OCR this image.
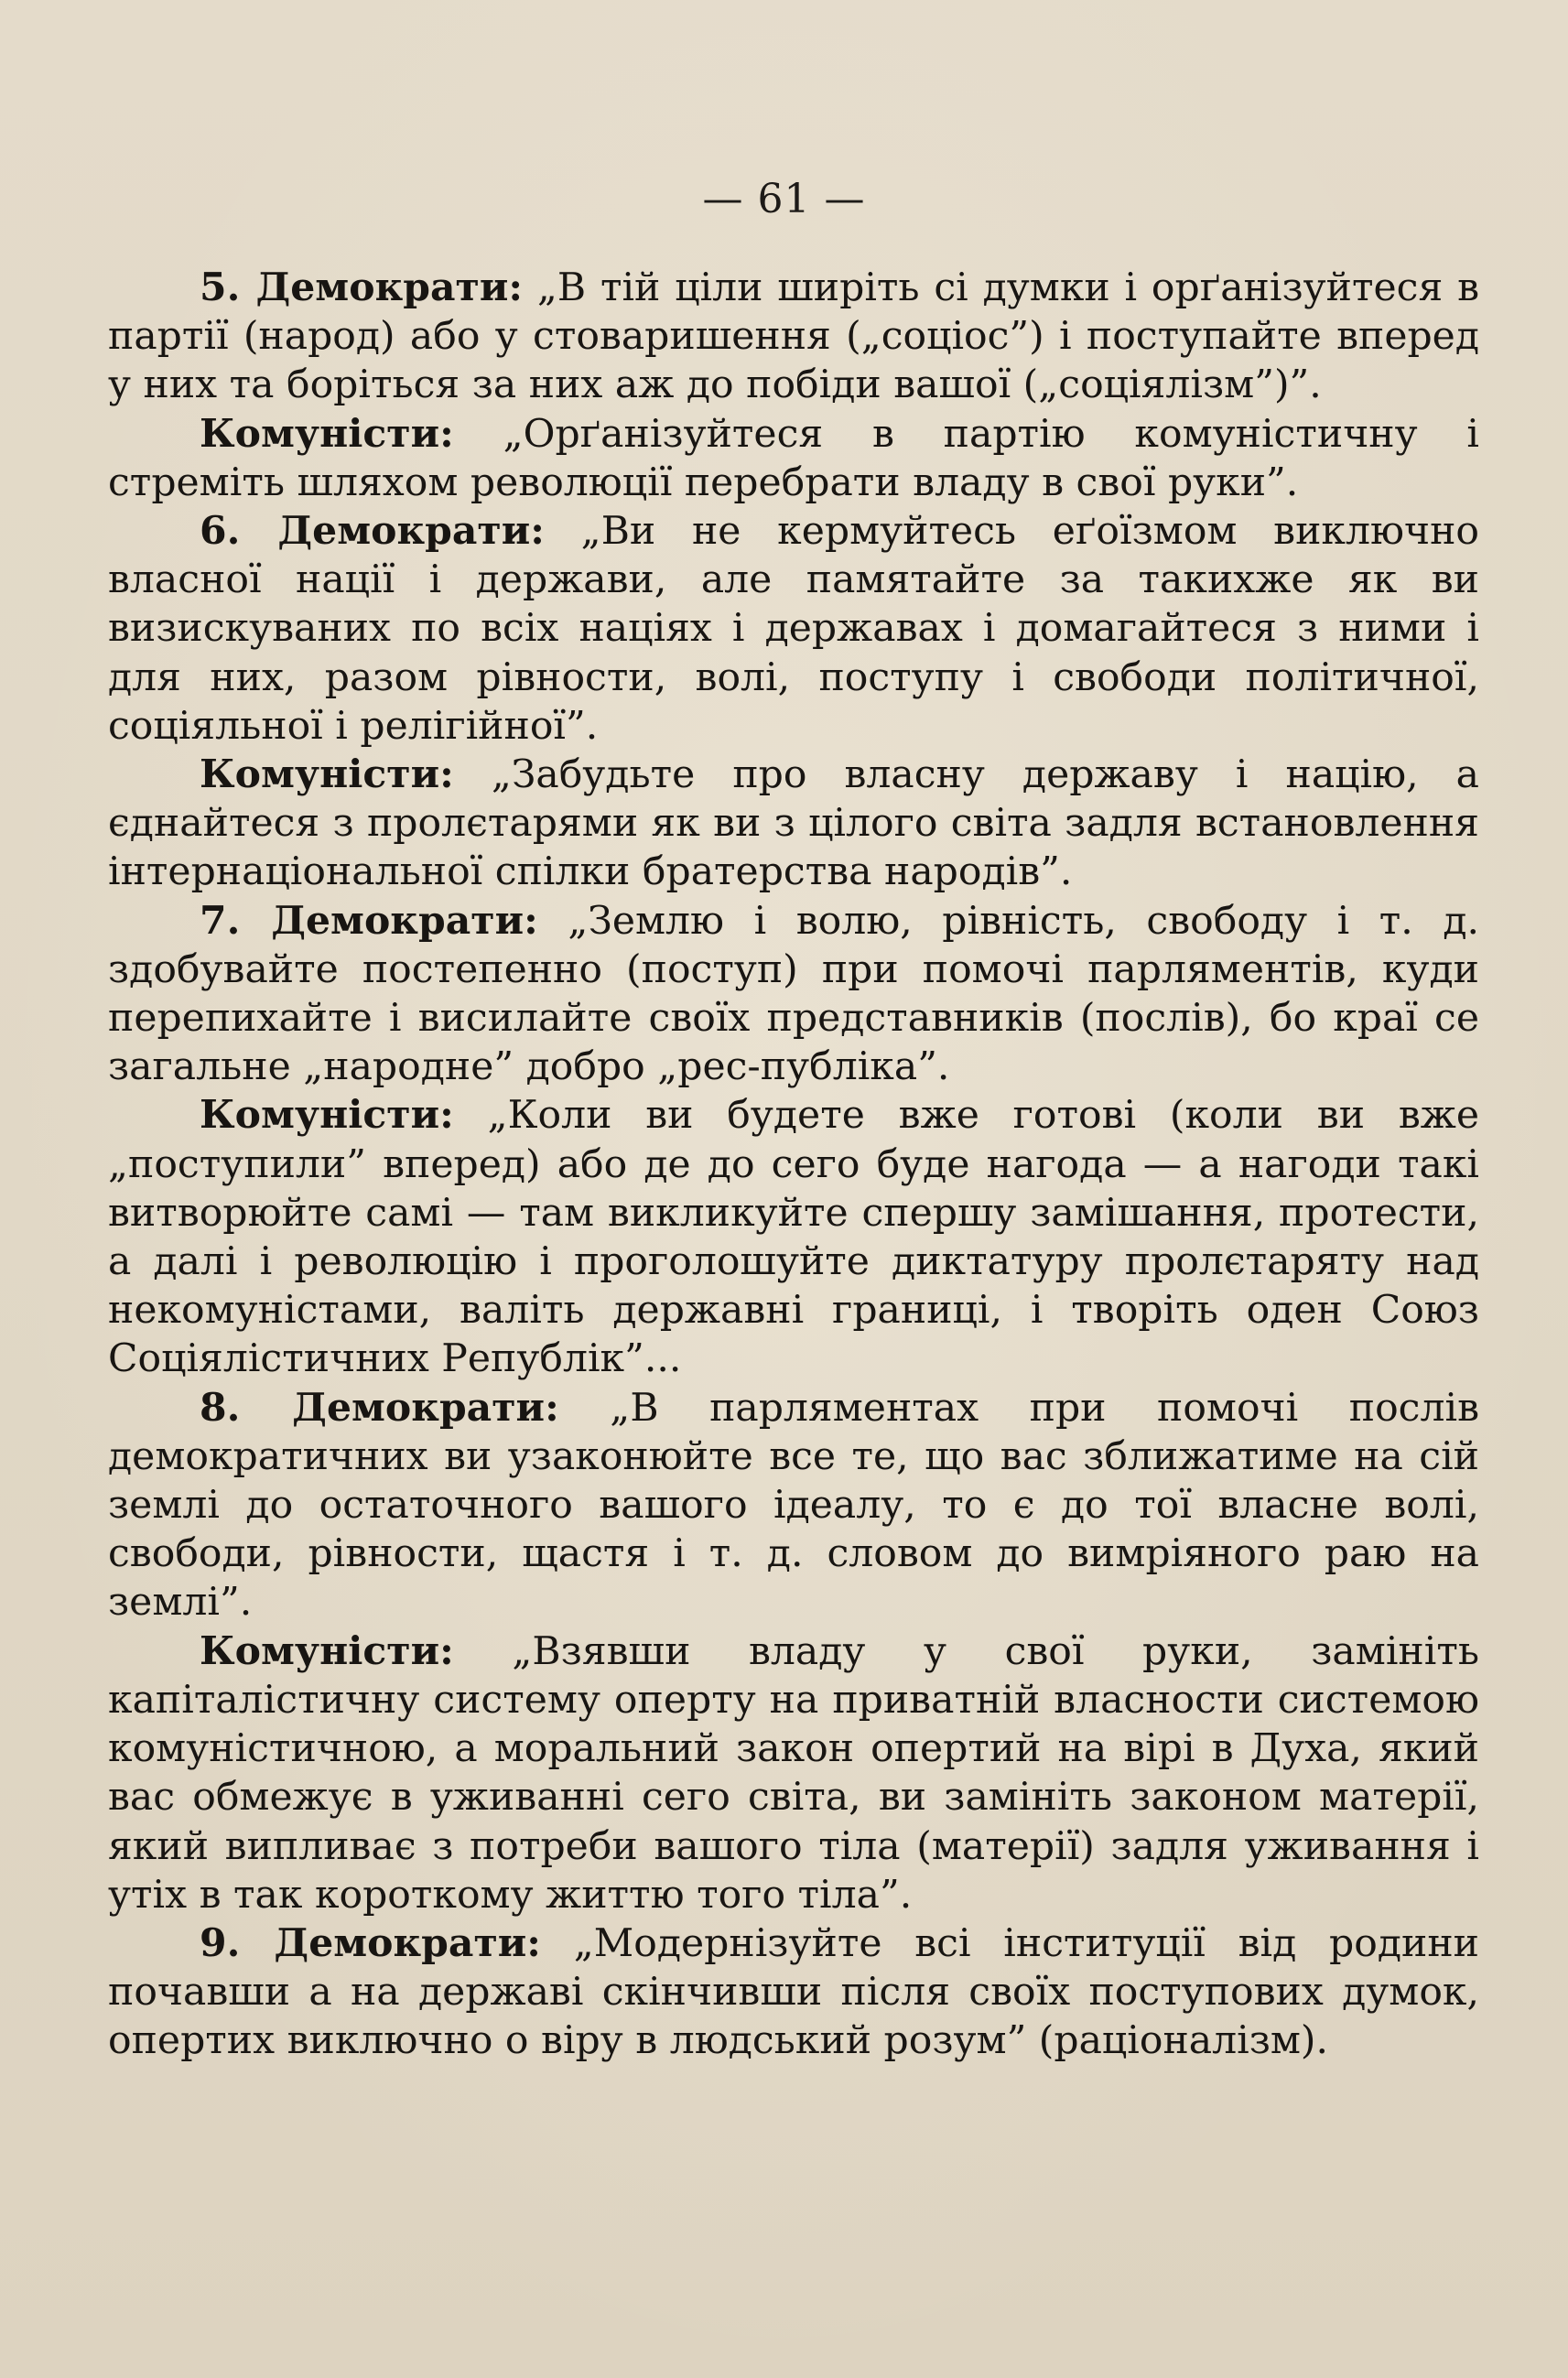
— 61 —

5. Демократи: „В тій ціли ширіть сі думки і орґанізуйтеся в партії (народ) або у стоваришення („соціос”) і поступайте вперед у них та боріться за них аж до побіди вашої („соціялізм”)”.

Комуністи: „Орґанізуйтеся в партію комуністичну і стреміть шляхом революції перебрати владу в свої руки”.

6. Демократи: „Ви не кермуйтесь еґоїзмом виключно власної нації і держави, але памятайте за такихже як ви визискуваних по всіх націях і державах і домагайтеся з ними і для них, разом рівности, волі, поступу і свободи політичної, соціяльної і релігійної”.

Комуністи: „Забудьте про власну державу і націю, а єднайтеся з пролєтарями як ви з цілого світа задля встановлення інтернаціональної спілки братерства народів”.

7. Демократи: „Землю і волю, рівність, свободу і т. д. здобувайте постепенно (поступ) при помочі парляментів, куди перепихайте і висилайте своїх представників (послів), бо краї се загальне „народне” добро „рес-публіка”.

Комуністи: „Коли ви будете вже готові (коли ви вже „поступили” вперед) або де до сего буде нагода — а нагоди такі витворюйте самі — там викликуйте спершу замішання, протести, а далі і революцію і проголошуйте диктатуру пролєтаряту над некомуністами, валіть державні границі, і творіть оден Союз Соціялістичних Републік”...

8. Демократи: „В парляментах при помочі послів демократичних ви узаконюйте все те, що вас зближатиме на сій землі до остаточного вашого ідеалу, то є до тої власне волі, свободи, рівности, щастя і т. д. словом до вимріяного раю на землі”.

Комуністи: „Взявши владу у свої руки, замініть капіталістичну систему оперту на приватній власности системою комуністичною, а моральний закон опертий на вірі в Духа, який вас обмежує в уживанні сего світа, ви замініть законом матерії, який випливає з потреби вашого тіла (матерії) задля уживання і утіх в так короткому життю того тіла”.

9. Демократи: „Модернізуйте всі інституції від родини почавши а на державі скінчивши після своїх поступових думок, опертих виключно о віру в людський розум” (раціоналізм).
